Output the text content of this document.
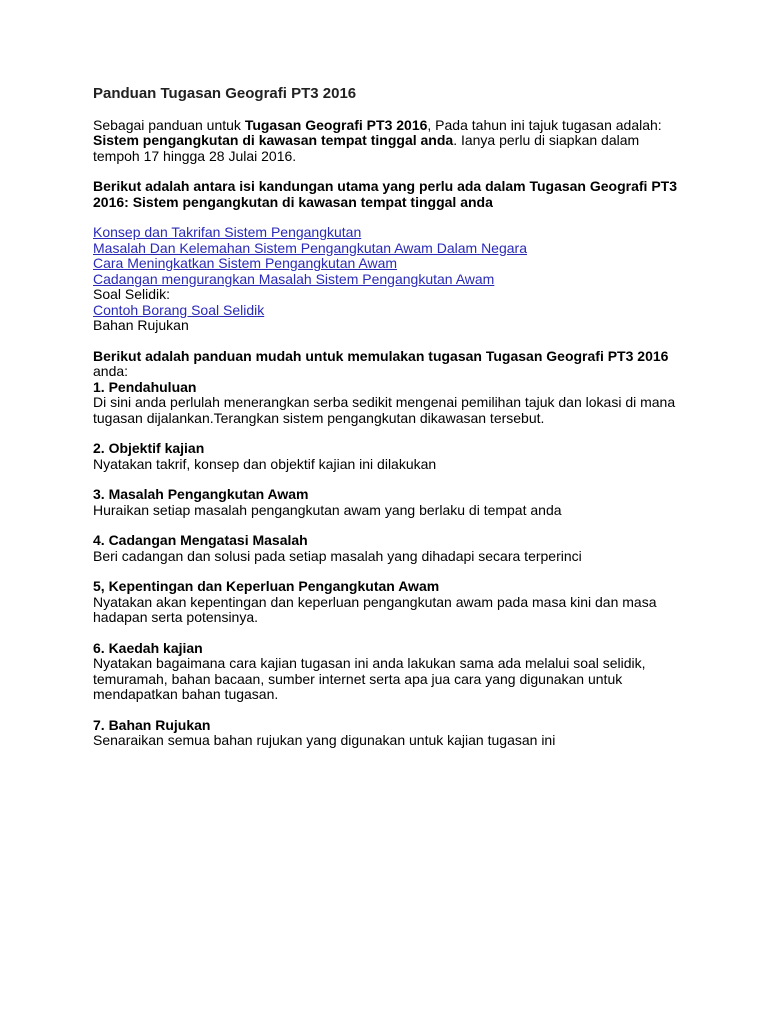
Panduan Tugasan Geografi PT3 2016

Sebagai panduan untuk Tugasan Geografi PT3 2016, Pada tahun ini tajuk tugasan adalah: Sistem pengangkutan di kawasan tempat tinggal anda. Ianya perlu di siapkan dalam tempoh 17 hingga 28 Julai 2016.

Berikut adalah antara isi kandungan utama yang perlu ada dalam Tugasan Geografi PT3 2016: Sistem pengangkutan di kawasan tempat tinggal anda

Konsep dan Takrifan Sistem Pengangkutan
Masalah Dan Kelemahan Sistem Pengangkutan Awam Dalam Negara
Cara Meningkatkan Sistem Pengangkutan Awam
Cadangan mengurangkan Masalah Sistem Pengangkutan Awam
Soal Selidik:
Contoh Borang Soal Selidik
Bahan Rujukan

Berikut adalah panduan mudah untuk memulakan tugasan Tugasan Geografi PT3 2016 anda:

1. Pendahuluan
Di sini anda perlulah menerangkan serba sedikit mengenai pemilihan tajuk dan lokasi di mana tugasan dijalankan.Terangkan sistem pengangkutan dikawasan tersebut.
2. Objektif kajian
Nyatakan takrif, konsep dan objektif kajian ini dilakukan
3. Masalah Pengangkutan Awam
Huraikan setiap masalah pengangkutan awam yang berlaku di tempat anda
4. Cadangan Mengatasi Masalah
Beri cadangan dan solusi pada setiap masalah yang dihadapi secara terperinci
5, Kepentingan dan Keperluan Pengangkutan Awam
Nyatakan akan kepentingan dan keperluan pengangkutan awam pada masa kini dan masa hadapan serta potensinya.
6. Kaedah kajian
Nyatakan bagaimana cara kajian tugasan ini anda lakukan sama ada melalui soal selidik, temuramah, bahan bacaan, sumber internet serta apa jua cara yang digunakan untuk mendapatkan bahan tugasan.
7. Bahan Rujukan
Senaraikan semua bahan rujukan yang digunakan untuk kajian tugasan ini
